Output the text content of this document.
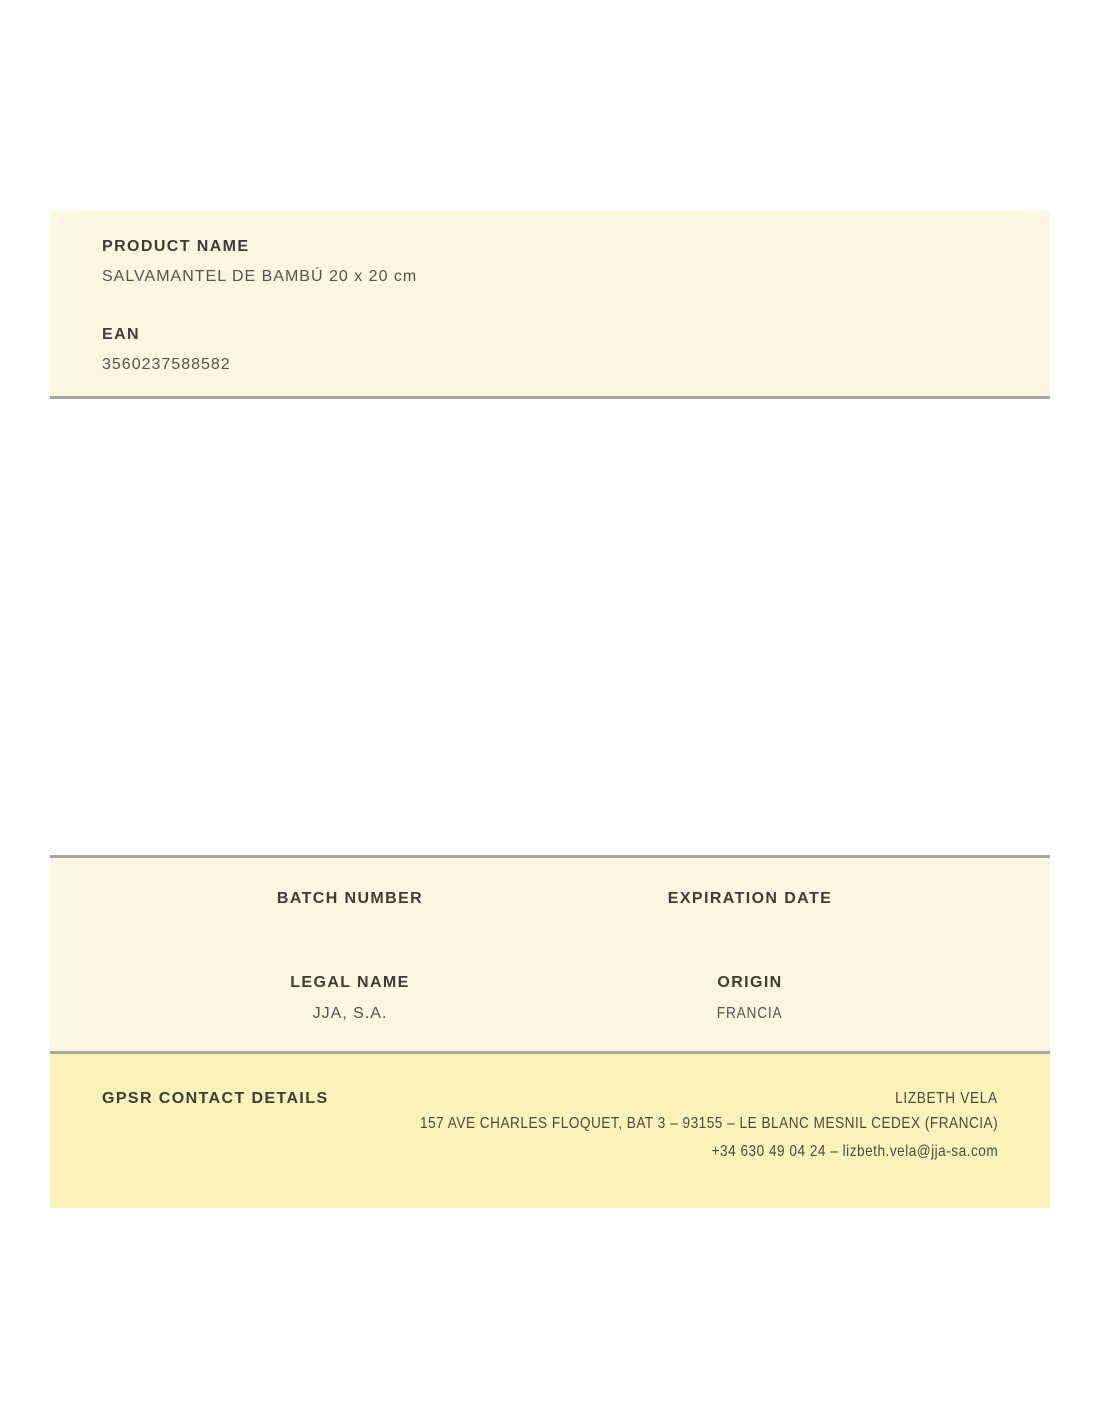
PRODUCT NAME
SALVAMANTEL DE BAMBÚ 20 x 20 cm
EAN
3560237588582
BATCH NUMBER	EXPIRATION DATE
LEGAL NAME
JJA, S.A.
ORIGIN
FRANCIA
GPSR CONTACT DETAILS	LIZBETH VELA
157 AVE CHARLES FLOQUET, BAT 3 – 93155 – LE BLANC MESNIL CEDEX (FRANCIA)
+34 630 49 04 24 – lizbeth.vela@jja-sa.com
